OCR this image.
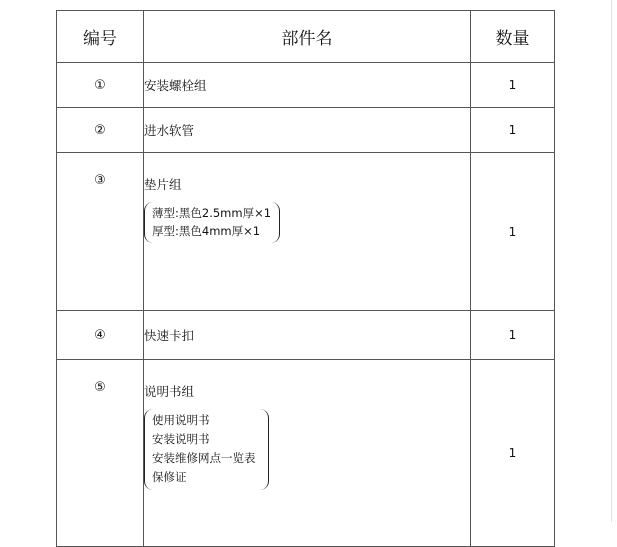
编号	部件名	数量
①	安装螺栓组	1
②	进水软管	1
③	垫片组
薄型:黑色2.5mm厚×1
厚型:黑色4mm厚×1	1
④	快速卡扣	1
⑤	说明书组
使用说明书
安装说明书
安装维修网点一览表
保修证	1
